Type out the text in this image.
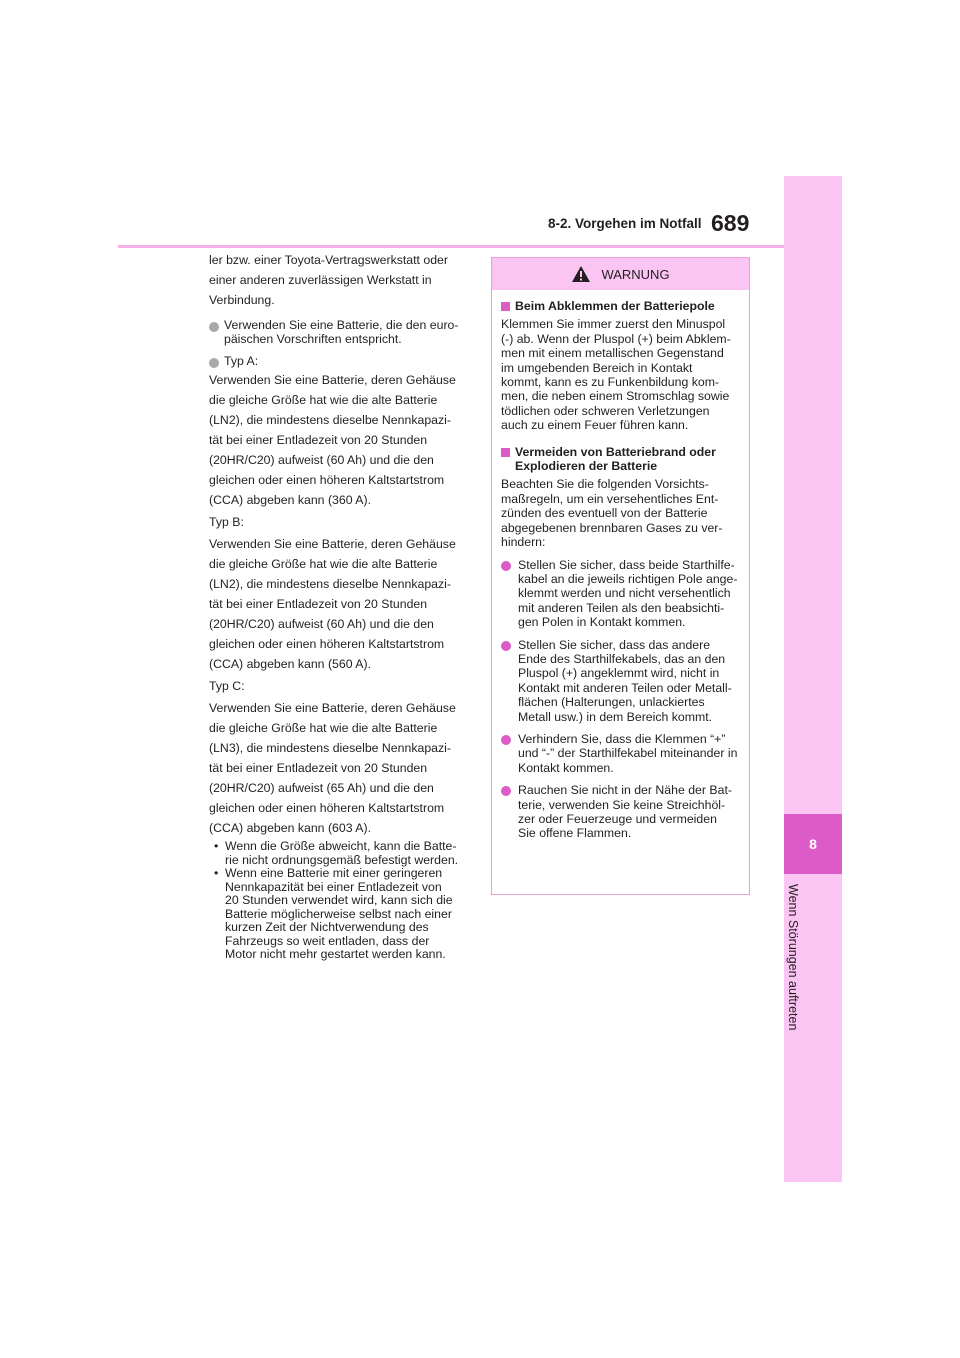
8-2. Vorgehen im Notfall 689
8
Wenn Störungen auftreten

ler bzw. einer Toyota-Vertragswerkstatt oder

einer anderen zuverlässigen Werkstatt in

Verbindung.

Verwenden Sie eine Batterie, die den euro-

päischen Vorschriften entspricht.

Typ A:

Verwenden Sie eine Batterie, deren Gehäuse

die gleiche Größe hat wie die alte Batterie

(LN2), die mindestens dieselbe Nennkapazi-

tät bei einer Entladezeit von 20 Stunden

(20HR/C20) aufweist (60 Ah) und die den

gleichen oder einen höheren Kaltstartstrom

(CCA) abgeben kann (360 A).

Typ B:

Verwenden Sie eine Batterie, deren Gehäuse

die gleiche Größe hat wie die alte Batterie

(LN2), die mindestens dieselbe Nennkapazi-

tät bei einer Entladezeit von 20 Stunden

(20HR/C20) aufweist (60 Ah) und die den

gleichen oder einen höheren Kaltstartstrom

(CCA) abgeben kann (560 A).

Typ C:

Verwenden Sie eine Batterie, deren Gehäuse

die gleiche Größe hat wie die alte Batterie

(LN3), die mindestens dieselbe Nennkapazi-

tät bei einer Entladezeit von 20 Stunden

(20HR/C20) aufweist (65 Ah) und die den

gleichen oder einen höheren Kaltstartstrom

(CCA) abgeben kann (603 A).

• Wenn die Größe abweicht, kann die Batte-

rie nicht ordnungsgemäß befestigt werden.

• Wenn eine Batterie mit einer geringeren

Nennkapazität bei einer Entladezeit von

20 Stunden verwendet wird, kann sich die

Batterie möglicherweise selbst nach einer

kurzen Zeit der Nichtverwendung des

Fahrzeugs so weit entladen, dass der

Motor nicht mehr gestartet werden kann.

WARNUNG

Beim Abklemmen der Batteriepole

Klemmen Sie immer zuerst den Minuspol

(-) ab. Wenn der Pluspol (+) beim Abklem-

men mit einem metallischen Gegenstand

im umgebenden Bereich in Kontakt

kommt, kann es zu Funkenbildung kom-

men, die neben einem Stromschlag sowie

tödlichen oder schweren Verletzungen

auch zu einem Feuer führen kann.

Vermeiden von Batteriebrand oder

Explodieren der Batterie

Beachten Sie die folgenden Vorsichts-

maßregeln, um ein versehentliches Ent-

zünden des eventuell von der Batterie

abgegebenen brennbaren Gases zu ver-

hindern:

Stellen Sie sicher, dass beide Starthilfe-

kabel an die jeweils richtigen Pole ange-

klemmt werden und nicht versehentlich

mit anderen Teilen als den beabsichti-

gen Polen in Kontakt kommen.

Stellen Sie sicher, dass das andere

Ende des Starthilfekabels, das an den

Pluspol (+) angeklemmt wird, nicht in

Kontakt mit anderen Teilen oder Metall-

flächen (Halterungen, unlackiertes

Metall usw.) in dem Bereich kommt.

Verhindern Sie, dass die Klemmen “+”

und “-” der Starthilfekabel miteinander in

Kontakt kommen.

Rauchen Sie nicht in der Nähe der Bat-

terie, verwenden Sie keine Streichhöl-

zer oder Feuerzeuge und vermeiden

Sie offene Flammen.
